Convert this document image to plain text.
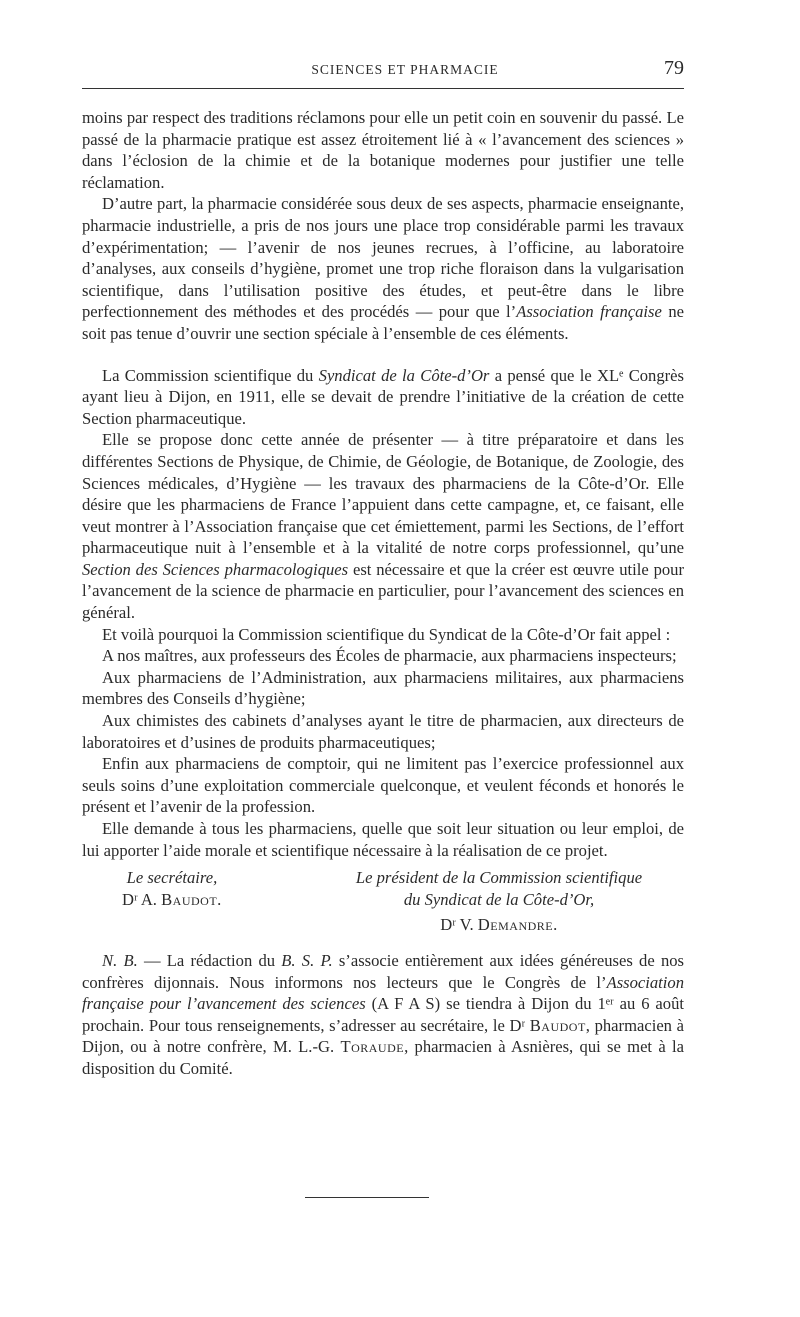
SCIENCES ET PHARMACIE	79

moins par respect des traditions réclamons pour elle un petit coin en souvenir du passé. Le passé de la pharmacie pratique est assez étroitement lié à « l’avancement des sciences » dans l’éclosion de la chimie et de la botanique modernes pour justifier une telle réclamation.

D’autre part, la pharmacie considérée sous deux de ses aspects, pharmacie enseignante, pharmacie industrielle, a pris de nos jours une place trop considérable parmi les travaux d’expérimentation; — l’avenir de nos jeunes recrues, à l’officine, au laboratoire d’analyses, aux conseils d’hygiène, promet une trop riche floraison dans la vulgarisation scientifique, dans l’utilisation positive des études, et peut-être dans le libre perfectionnement des méthodes et des procédés — pour que l’Association française ne soit pas tenue d’ouvrir une section spéciale à l’ensemble de ces éléments.

La Commission scientifique du Syndicat de la Côte-d’Or a pensé que le XLᵉ Congrès ayant lieu à Dijon, en 1911, elle se devait de prendre l’initiative de la création de cette Section pharmaceutique.

Elle se propose donc cette année de présenter — à titre préparatoire et dans les différentes Sections de Physique, de Chimie, de Géologie, de Botanique, de Zoologie, des Sciences médicales, d’Hygiène — les travaux des pharmaciens de la Côte-d’Or. Elle désire que les pharmaciens de France l’appuient dans cette campagne, et, ce faisant, elle veut montrer à l’Association française que cet émiettement, parmi les Sections, de l’effort pharmaceutique nuit à l’ensemble et à la vitalité de notre corps professionnel, qu’une Section des Sciences pharmacologiques est nécessaire et que la créer est œuvre utile pour l’avancement de la science de pharmacie en particulier, pour l’avancement des sciences en général.

Et voilà pourquoi la Commission scientifique du Syndicat de la Côte-d’Or fait appel :

A nos maîtres, aux professeurs des Écoles de pharmacie, aux pharmaciens inspecteurs;

Aux pharmaciens de l’Administration, aux pharmaciens militaires, aux pharmaciens membres des Conseils d’hygiène;

Aux chimistes des cabinets d’analyses ayant le titre de pharmacien, aux directeurs de laboratoires et d’usines de produits pharmaceutiques;

Enfin aux pharmaciens de comptoir, qui ne limitent pas l’exercice professionnel aux seuls soins d’une exploitation commerciale quelconque, et veulent féconds et honorés le présent et l’avenir de la profession.

Elle demande à tous les pharmaciens, quelle que soit leur situation ou leur emploi, de lui apporter l’aide morale et scientifique nécessaire à la réalisation de ce projet.

Le secrétaire,
Dʳ A. Baudot.
Le président de la Commission scientifique
du Syndicat de la Côte-d’Or,
Dʳ V. Demandre.

N. B. — La rédaction du B. S. P. s’associe entièrement aux idées généreuses de nos confrères dijonnais. Nous informons nos lecteurs que le Congrès de l’Association française pour l’avancement des sciences (A F A S) se tiendra à Dijon du 1ᵉʳ au 6 août prochain. Pour tous renseignements, s’adresser au secrétaire, le Dʳ Baudot, pharmacien à Dijon, ou à notre confrère, M. L.-G. Toraude, pharmacien à Asnières, qui se met à la disposition du Comité.
